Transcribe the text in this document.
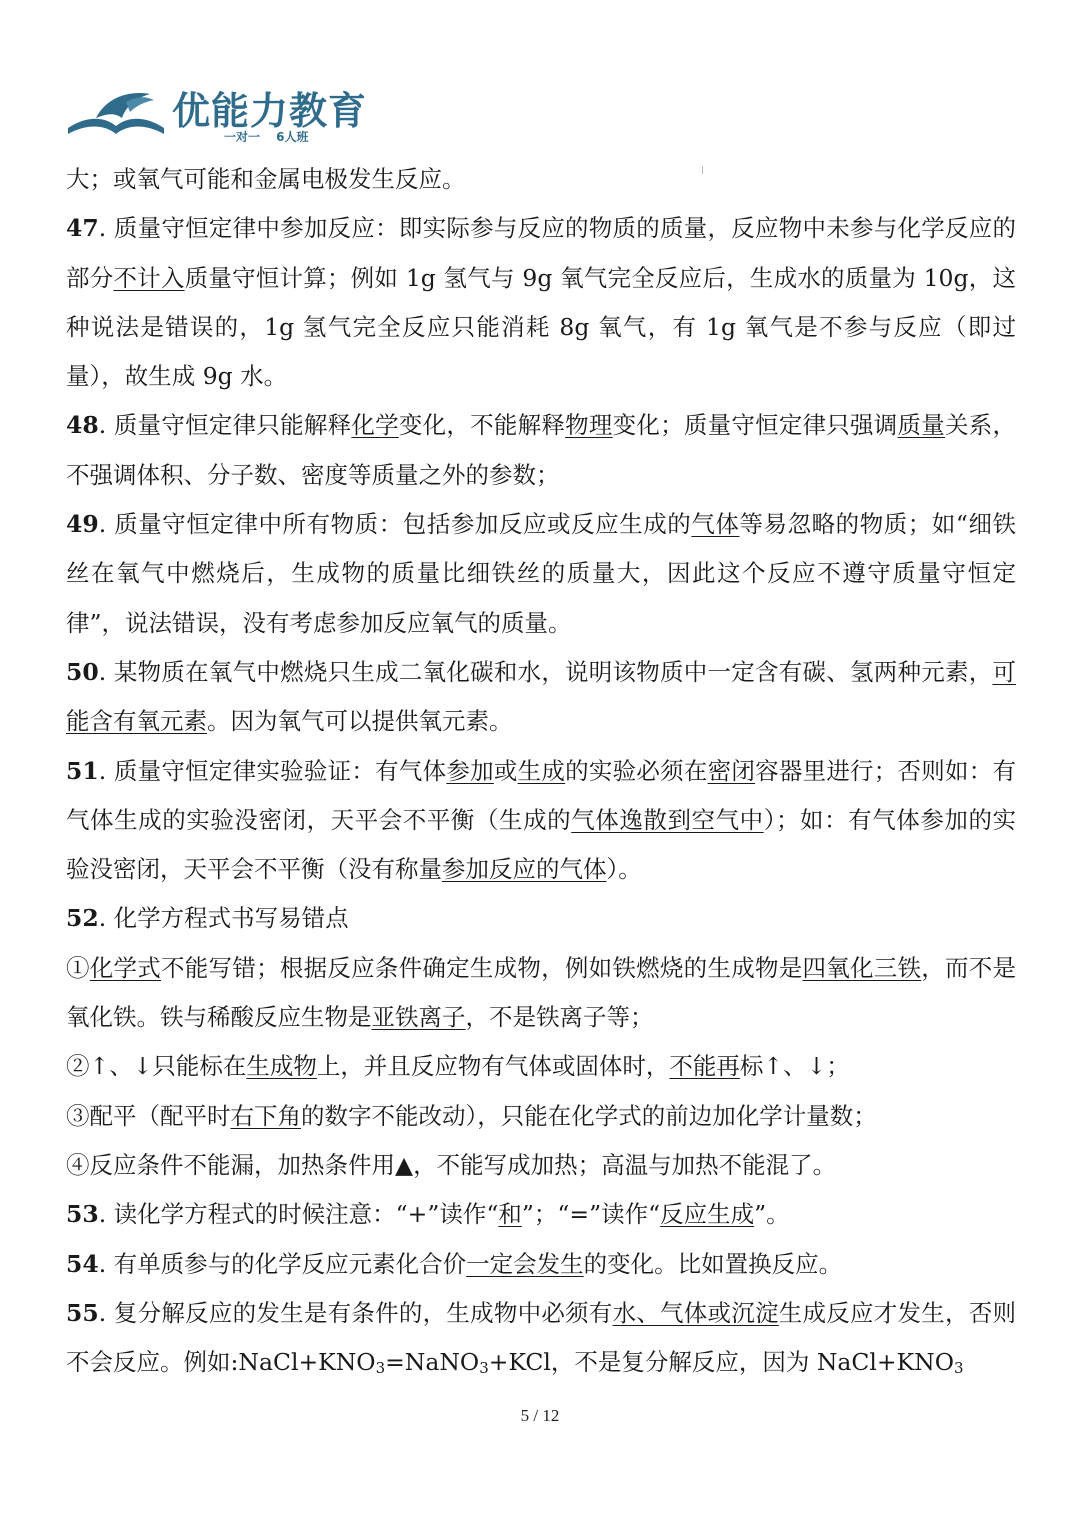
优能力教育
一对一 6人班

大；或氧气可能和金属电极发生反应。

47. 质量守恒定律中参加反应：即实际参与反应的物质的质量，反应物中未参与化学反应的部分不计入质量守恒计算；例如 1g 氢气与 9g 氧气完全反应后，生成水的质量为 10g，这种说法是错误的，1g 氢气完全反应只能消耗 8g 氧气，有 1g 氧气是不参与反应（即过量），故生成 9g 水。

48. 质量守恒定律只能解释化学变化，不能解释物理变化；质量守恒定律只强调质量关系，不强调体积、分子数、密度等质量之外的参数；

49. 质量守恒定律中所有物质：包括参加反应或反应生成的气体等易忽略的物质；如“细铁丝在氧气中燃烧后，生成物的质量比细铁丝的质量大，因此这个反应不遵守质量守恒定律”，说法错误，没有考虑参加反应氧气的质量。

50. 某物质在氧气中燃烧只生成二氧化碳和水，说明该物质中一定含有碳、氢两种元素，可能含有氧元素。因为氧气可以提供氧元素。

51. 质量守恒定律实验验证：有气体参加或生成的实验必须在密闭容器里进行；否则如：有气体生成的实验没密闭，天平会不平衡（生成的气体逸散到空气中）；如：有气体参加的实验没密闭，天平会不平衡（没有称量参加反应的气体）。

52. 化学方程式书写易错点

①化学式不能写错；根据反应条件确定生成物，例如铁燃烧的生成物是四氧化三铁，而不是氧化铁。铁与稀酸反应生物是亚铁离子，不是铁离子等；

②↑、↓只能标在生成物上，并且反应物有气体或固体时，不能再标↑、↓；

③配平（配平时右下角的数字不能改动），只能在化学式的前边加化学计量数；

④反应条件不能漏，加热条件用▲，不能写成加热；高温与加热不能混了。

53. 读化学方程式的时候注意：“+”读作“和”；“=”读作“反应生成”。

54. 有单质参与的化学反应元素化合价一定会发生的变化。比如置换反应。

55. 复分解反应的发生是有条件的，生成物中必须有水、气体或沉淀生成反应才发生，否则不会反应。例如$:NaCl+KNO_3=NaNO_3+KCl$，不是复分解反应，因为 $NaCl+KNO_3$

5 / 12
